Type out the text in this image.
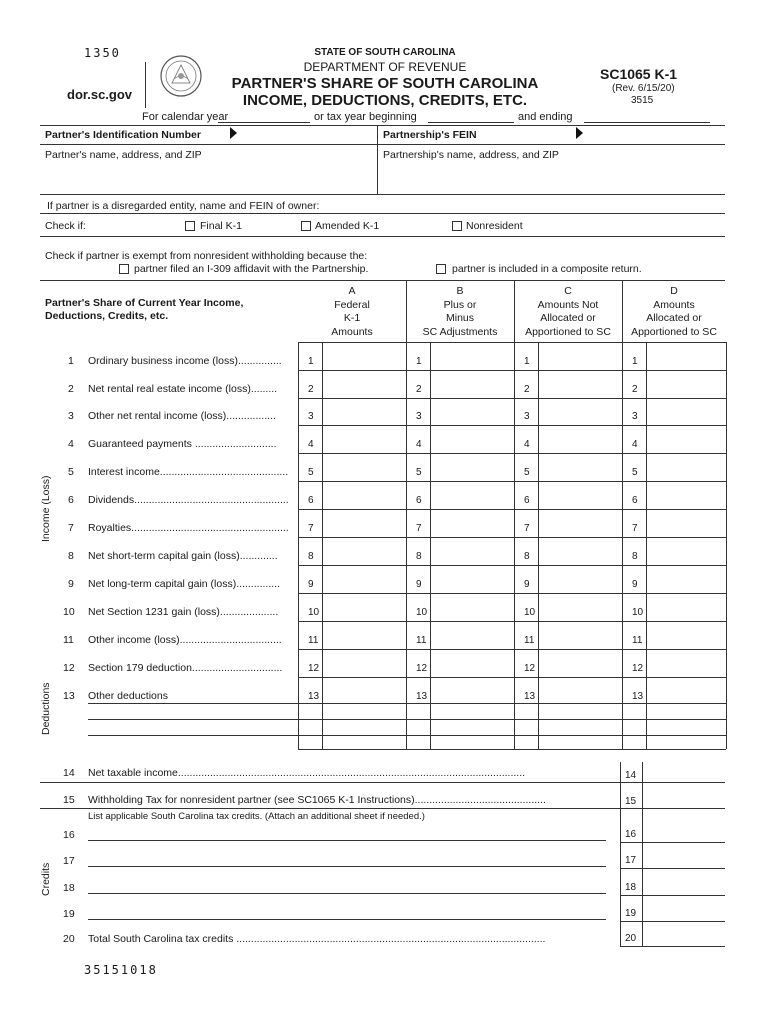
1350
dor.sc.gov
STATE OF SOUTH CAROLINA
DEPARTMENT OF REVENUE
PARTNER'S SHARE OF SOUTH CAROLINA
INCOME, DEDUCTIONS, CREDITS, ETC.
SC1065 K-1
(Rev. 6/15/20)
3515
For calendar year	or tax year beginning	and ending
Partner's Identification Number	Partnership's FEIN
Partner's name, address, and ZIP	Partnership's name, address, and ZIP
If partner is a disregarded entity, name and FEIN of owner:
Check if:	Final K-1	Amended K-1	Nonresident
Check if partner is exempt from nonresident withholding because the:
partner filed an I-309 affidavit with the Partnership.	partner is included in a composite return.
Partner's Share of Current Year Income,
Deductions, Credits, etc.
A
Federal
K-1
Amounts
B
Plus or
Minus
SC Adjustments
C
Amounts Not
Allocated or
Apportioned to SC
D
Amounts
Allocated or
Apportioned to SC
1 Ordinary business income (loss)...............	1	1	1	1
2 Net rental real estate income (loss).........	2	2	2	2
3 Other net rental income (loss).................	3	3	3	3
4 Guaranteed payments ............................	4	4	4	4
5 Interest income............................................ 5	5	5	5
6 Dividends..................................................... 6	6	6	6
7 Royalties...................................................... 7	7	7	7
8 Net short-term capital gain (loss).............	8	8	8	8
9 Net long-term capital gain (loss)...............	9	9	9	9
10 Net Section 1231 gain (loss)....................	10	10	10	10
11 Other income (loss)...................................	11	11	11	11
12 Section 179 deduction...............................	12	12	12	12
13 Other deductions	13	13	13	13
Income (Loss)
Deductions
Credits
14 Net taxable income.......................................................................................................................	14
15 Withholding Tax for nonresident partner (see SC1065 K-1 Instructions).............................................	15
List applicable South Carolina tax credits. (Attach an additional sheet if needed.)
16	16
17	17
18	18
19	19
20 Total South Carolina tax credits ..........................................................................................................	20
35151018
